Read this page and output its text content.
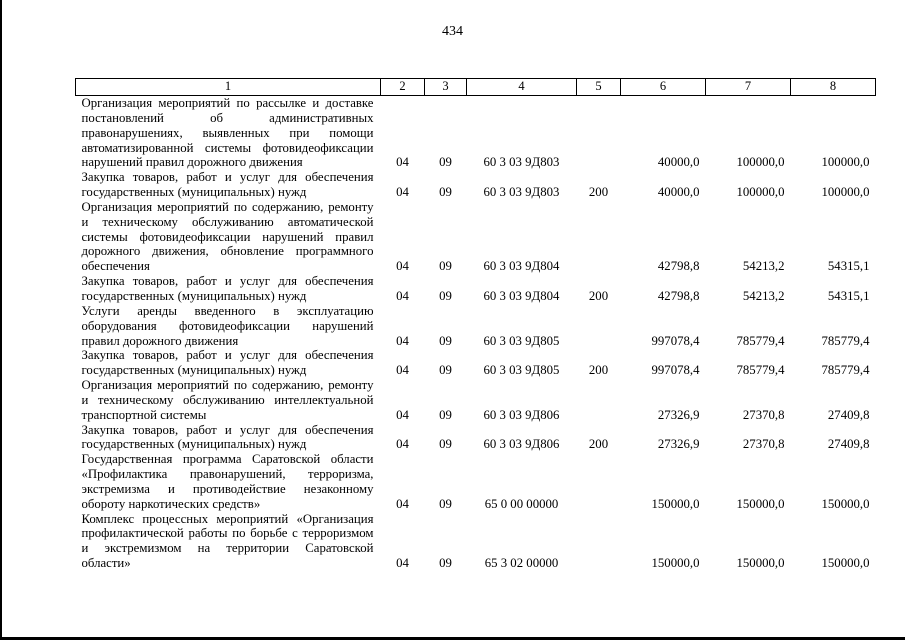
434
1	2	3	4	5	6	7	8
Организация мероприятий по рассылке и доставке постановлений об административных правонарушениях, выявленных при помощи автоматизированной системы фотовидеофиксации нарушений правил дорожного движения	04	09	60 3 03 9Д803		40000,0	100000,0	100000,0
Закупка товаров, работ и услуг для обеспечения государственных (муниципальных) нужд	04	09	60 3 03 9Д803	200	40000,0	100000,0	100000,0
Организация мероприятий по содержанию, ремонту и техническому обслуживанию автоматической системы фотовидеофиксации нарушений правил дорожного движения, обновление программного обеспечения	04	09	60 3 03 9Д804		42798,8	54213,2	54315,1
Закупка товаров, работ и услуг для обеспечения государственных (муниципальных) нужд	04	09	60 3 03 9Д804	200	42798,8	54213,2	54315,1
Услуги аренды введенного в эксплуатацию оборудования фотовидеофиксации нарушений правил дорожного движения	04	09	60 3 03 9Д805		997078,4	785779,4	785779,4
Закупка товаров, работ и услуг для обеспечения государственных (муниципальных) нужд	04	09	60 3 03 9Д805	200	997078,4	785779,4	785779,4
Организация мероприятий по содержанию, ремонту и техническому обслуживанию интеллектуальной транспортной системы	04	09	60 3 03 9Д806		27326,9	27370,8	27409,8
Закупка товаров, работ и услуг для обеспечения государственных (муниципальных) нужд	04	09	60 3 03 9Д806	200	27326,9	27370,8	27409,8
Государственная программа Саратовской области «Профилактика правонарушений, терроризма, экстремизма и противодействие незаконному обороту наркотических средств»	04	09	65 0 00 00000		150000,0	150000,0	150000,0
Комплекс процессных мероприятий «Организация профилактической работы по борьбе с терроризмом и экстремизмом на территории Саратовской области»	04	09	65 3 02 00000		150000,0	150000,0	150000,0
